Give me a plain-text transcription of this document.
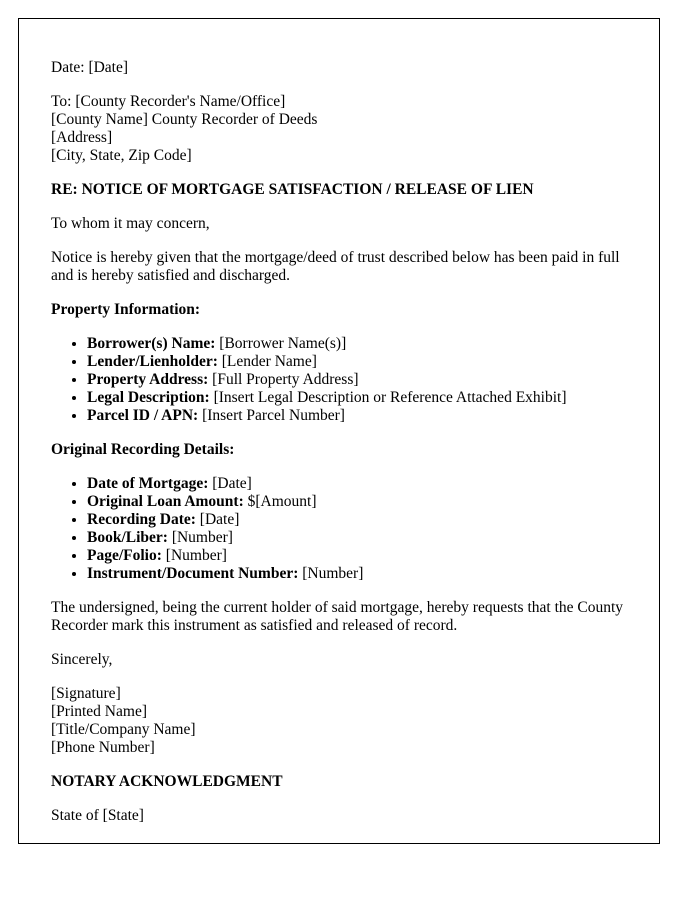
Date: [Date]
To: [County Recorder's Name/Office]
[County Name] County Recorder of Deeds
[Address]
[City, State, Zip Code]
RE: NOTICE OF MORTGAGE SATISFACTION / RELEASE OF LIEN
To whom it may concern,
Notice is hereby given that the mortgage/deed of trust described below has been paid in full and is hereby satisfied and discharged.
Property Information:
• Borrower(s) Name: [Borrower Name(s)]
• Lender/Lienholder: [Lender Name]
• Property Address: [Full Property Address]
• Legal Description: [Insert Legal Description or Reference Attached Exhibit]
• Parcel ID / APN: [Insert Parcel Number]
Original Recording Details:
• Date of Mortgage: [Date]
• Original Loan Amount: $[Amount]
• Recording Date: [Date]
• Book/Liber: [Number]
• Page/Folio: [Number]
• Instrument/Document Number: [Number]
The undersigned, being the current holder of said mortgage, hereby requests that the County Recorder mark this instrument as satisfied and released of record.
Sincerely,
[Signature]
[Printed Name]
[Title/Company Name]
[Phone Number]
NOTARY ACKNOWLEDGMENT
State of [State]
